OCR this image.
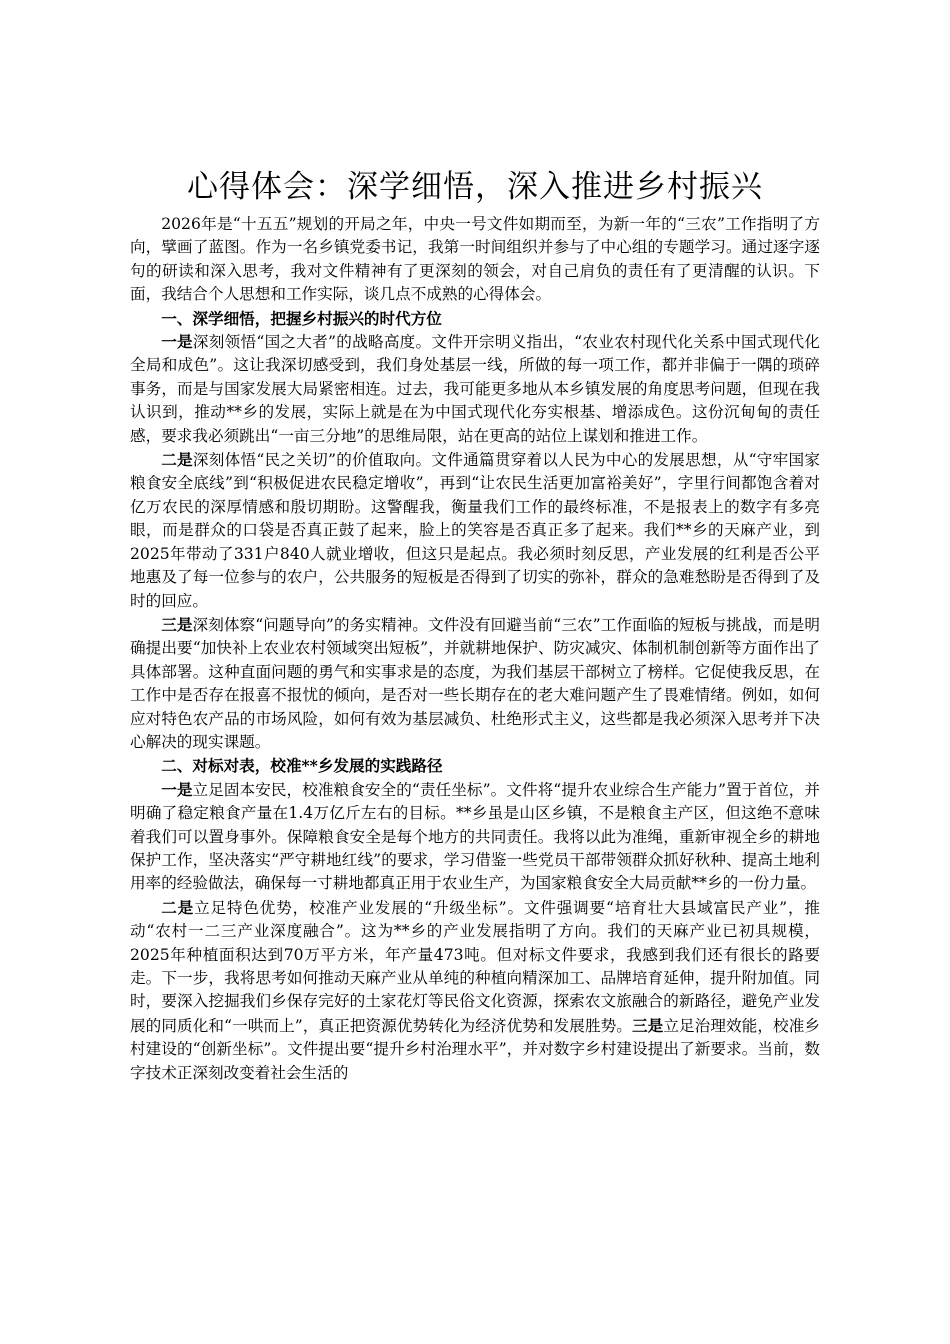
心得体会：深学细悟，深入推进乡村振兴

2026年是“十五五”规划的开局之年，中央一号文件如期而至，为新一年的“三农”工作指明了方向，擘画了蓝图。作为一名乡镇党委书记，我第一时间组织并参与了中心组的专题学习。通过逐字逐句的研读和深入思考，我对文件精神有了更深刻的领会，对自己肩负的责任有了更清醒的认识。下面，我结合个人思想和工作实际，谈几点不成熟的心得体会。

一、深学细悟，把握乡村振兴的时代方位

一是深刻领悟“国之大者”的战略高度。文件开宗明义指出，“农业农村现代化关系中国式现代化全局和成色”。这让我深切感受到，我们身处基层一线，所做的每一项工作，都并非偏于一隅的琐碎事务，而是与国家发展大局紧密相连。过去，我可能更多地从本乡镇发展的角度思考问题，但现在我认识到，推动**乡的发展，实际上就是在为中国式现代化夯实根基、增添成色。这份沉甸甸的责任感，要求我必须跳出“一亩三分地”的思维局限，站在更高的站位上谋划和推进工作。

二是深刻体悟“民之关切”的价值取向。文件通篇贯穿着以人民为中心的发展思想，从“守牢国家粮食安全底线”到“积极促进农民稳定增收”，再到“让农民生活更加富裕美好”，字里行间都饱含着对亿万农民的深厚情感和殷切期盼。这警醒我，衡量我们工作的最终标准，不是报表上的数字有多亮眼，而是群众的口袋是否真正鼓了起来，脸上的笑容是否真正多了起来。我们**乡的天麻产业，到2025年带动了331户840人就业增收，但这只是起点。我必须时刻反思，产业发展的红利是否公平地惠及了每一位参与的农户，公共服务的短板是否得到了切实的弥补，群众的急难愁盼是否得到了及时的回应。

三是深刻体察“问题导向”的务实精神。文件没有回避当前“三农”工作面临的短板与挑战，而是明确提出要“加快补上农业农村领域突出短板”，并就耕地保护、防灾减灾、体制机制创新等方面作出了具体部署。这种直面问题的勇气和实事求是的态度，为我们基层干部树立了榜样。它促使我反思，在工作中是否存在报喜不报忧的倾向，是否对一些长期存在的老大难问题产生了畏难情绪。例如，如何应对特色农产品的市场风险，如何有效为基层减负、杜绝形式主义，这些都是我必须深入思考并下决心解决的现实课题。

二、对标对表，校准**乡发展的实践路径

一是立足固本安民，校准粮食安全的“责任坐标”。文件将“提升农业综合生产能力”置于首位，并明确了稳定粮食产量在1.4万亿斤左右的目标。**乡虽是山区乡镇，不是粮食主产区，但这绝不意味着我们可以置身事外。保障粮食安全是每个地方的共同责任。我将以此为准绳，重新审视全乡的耕地保护工作，坚决落实“严守耕地红线”的要求，学习借鉴一些党员干部带领群众抓好秋种、提高土地利用率的经验做法，确保每一寸耕地都真正用于农业生产，为国家粮食安全大局贡献**乡的一份力量。

二是立足特色优势，校准产业发展的“升级坐标”。文件强调要“培育壮大县域富民产业”，推动“农村一二三产业深度融合”。这为**乡的产业发展指明了方向。我们的天麻产业已初具规模，2025年种植面积达到70万平方米，年产量473吨。但对标文件要求，我感到我们还有很长的路要走。下一步，我将思考如何推动天麻产业从单纯的种植向精深加工、品牌培育延伸，提升附加值。同时，要深入挖掘我们乡保存完好的土家花灯等民俗文化资源，探索农文旅融合的新路径，避免产业发展的同质化和“一哄而上”，真正把资源优势转化为经济优势和发展胜势。三是立足治理效能，校准乡村建设的“创新坐标”。文件提出要“提升乡村治理水平”，并对数字乡村建设提出了新要求。当前，数字技术正深刻改变着社会生活的
